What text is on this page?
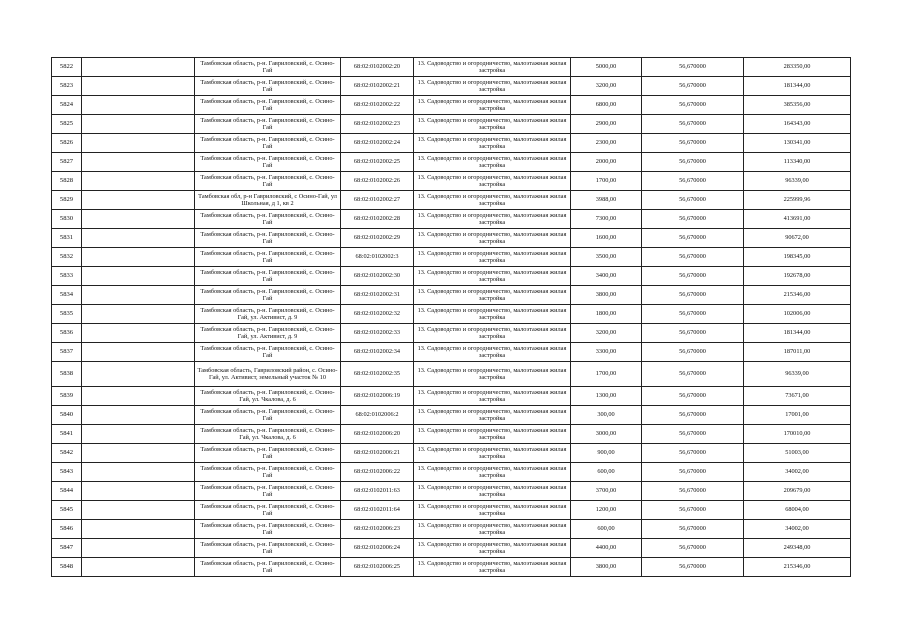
5822		Тамбовская область, р-н. Гавриловский, с. Осино-Гай	68:02:0102002:20	13. Садоводство и огородничество, малоэтажная жилая застройка	5000,00	56,670000	283350,00
5823		Тамбовская область, р-н. Гавриловский, с. Осино-Гай	68:02:0102002:21	13. Садоводство и огородничество, малоэтажная жилая застройка	3200,00	56,670000	181344,00
5824		Тамбовская область, р-н. Гавриловский, с. Осино-Гай	68:02:0102002:22	13. Садоводство и огородничество, малоэтажная жилая застройка	6800,00	56,670000	385356,00
5825		Тамбовская область, р-н. Гавриловский, с. Осино-Гай	68:02:0102002:23	13. Садоводство и огородничество, малоэтажная жилая застройка	2900,00	56,670000	164343,00
5826		Тамбовская область, р-н. Гавриловский, с. Осино-Гай	68:02:0102002:24	13. Садоводство и огородничество, малоэтажная жилая застройка	2300,00	56,670000	130341,00
5827		Тамбовская область, р-н. Гавриловский, с. Осино-Гай	68:02:0102002:25	13. Садоводство и огородничество, малоэтажная жилая застройка	2000,00	56,670000	113340,00
5828		Тамбовская область, р-н. Гавриловский, с. Осино-Гай	68:02:0102002:26	13. Садоводство и огородничество, малоэтажная жилая застройка	1700,00	56,670000	96339,00
5829		Тамбовская обл, р-н Гавриловский, с Осино-Гай, ул Школьная, д 1, кв 2	68:02:0102002:27	13. Садоводство и огородничество, малоэтажная жилая застройка	3988,00	56,670000	225999,96
5830		Тамбовская область, р-н. Гавриловский, с. Осино-Гай	68:02:0102002:28	13. Садоводство и огородничество, малоэтажная жилая застройка	7300,00	56,670000	413691,00
5831		Тамбовская область, р-н. Гавриловский, с. Осино-Гай	68:02:0102002:29	13. Садоводство и огородничество, малоэтажная жилая застройка	1600,00	56,670000	90672,00
5832		Тамбовская область, р-н. Гавриловский, с. Осино-Гай	68:02:0102002:3	13. Садоводство и огородничество, малоэтажная жилая застройка	3500,00	56,670000	198345,00
5833		Тамбовская область, р-н. Гавриловский, с. Осино-Гай	68:02:0102002:30	13. Садоводство и огородничество, малоэтажная жилая застройка	3400,00	56,670000	192678,00
5834		Тамбовская область, р-н. Гавриловский, с. Осино-Гай	68:02:0102002:31	13. Садоводство и огородничество, малоэтажная жилая застройка	3800,00	56,670000	215346,00
5835		Тамбовская область, р-н. Гавриловский, с. Осино-Гай, ул. Активист, д. 9	68:02:0102002:32	13. Садоводство и огородничество, малоэтажная жилая застройка	1800,00	56,670000	102006,00
5836		Тамбовская область, р-н. Гавриловский, с. Осино-Гай, ул. Активист, д. 9	68:02:0102002:33	13. Садоводство и огородничество, малоэтажная жилая застройка	3200,00	56,670000	181344,00
5837		Тамбовская область, р-н. Гавриловский, с. Осино-Гай	68:02:0102002:34	13. Садоводство и огородничество, малоэтажная жилая застройка	3300,00	56,670000	187011,00
5838		Тамбовская область, Гавриловский район, с. Осино-Гай, ул. Активист, земельный участок № 10	68:02:0102002:35	13. Садоводство и огородничество, малоэтажная жилая застройка	1700,00	56,670000	96339,00
5839		Тамбовская область, р-н. Гавриловский, с. Осино-Гай, ул. Чкалова, д. 6	68:02:0102006:19	13. Садоводство и огородничество, малоэтажная жилая застройка	1300,00	56,670000	73671,00
5840		Тамбовская область, р-н. Гавриловский, с. Осино-Гай	68:02:0102006:2	13. Садоводство и огородничество, малоэтажная жилая застройка	300,00	56,670000	17001,00
5841		Тамбовская область, р-н. Гавриловский, с. Осино-Гай, ул. Чкалова, д. 6	68:02:0102006:20	13. Садоводство и огородничество, малоэтажная жилая застройка	3000,00	56,670000	170010,00
5842		Тамбовская область, р-н. Гавриловский, с. Осино-Гай	68:02:0102006:21	13. Садоводство и огородничество, малоэтажная жилая застройка	900,00	56,670000	51003,00
5843		Тамбовская область, р-н. Гавриловский, с. Осино-Гай	68:02:0102006:22	13. Садоводство и огородничество, малоэтажная жилая застройка	600,00	56,670000	34002,00
5844		Тамбовская область, р-н. Гавриловский, с. Осино-Гай	68:02:0102011:63	13. Садоводство и огородничество, малоэтажная жилая застройка	3700,00	56,670000	209679,00
5845		Тамбовская область, р-н. Гавриловский, с. Осино-Гай	68:02:0102011:64	13. Садоводство и огородничество, малоэтажная жилая застройка	1200,00	56,670000	68004,00
5846		Тамбовская область, р-н. Гавриловский, с. Осино-Гай	68:02:0102006:23	13. Садоводство и огородничество, малоэтажная жилая застройка	600,00	56,670000	34002,00
5847		Тамбовская область, р-н. Гавриловский, с. Осино-Гай	68:02:0102006:24	13. Садоводство и огородничество, малоэтажная жилая застройка	4400,00	56,670000	249348,00
5848		Тамбовская область, р-н. Гавриловский, с. Осино-Гай	68:02:0102006:25	13. Садоводство и огородничество, малоэтажная жилая застройка	3800,00	56,670000	215346,00
